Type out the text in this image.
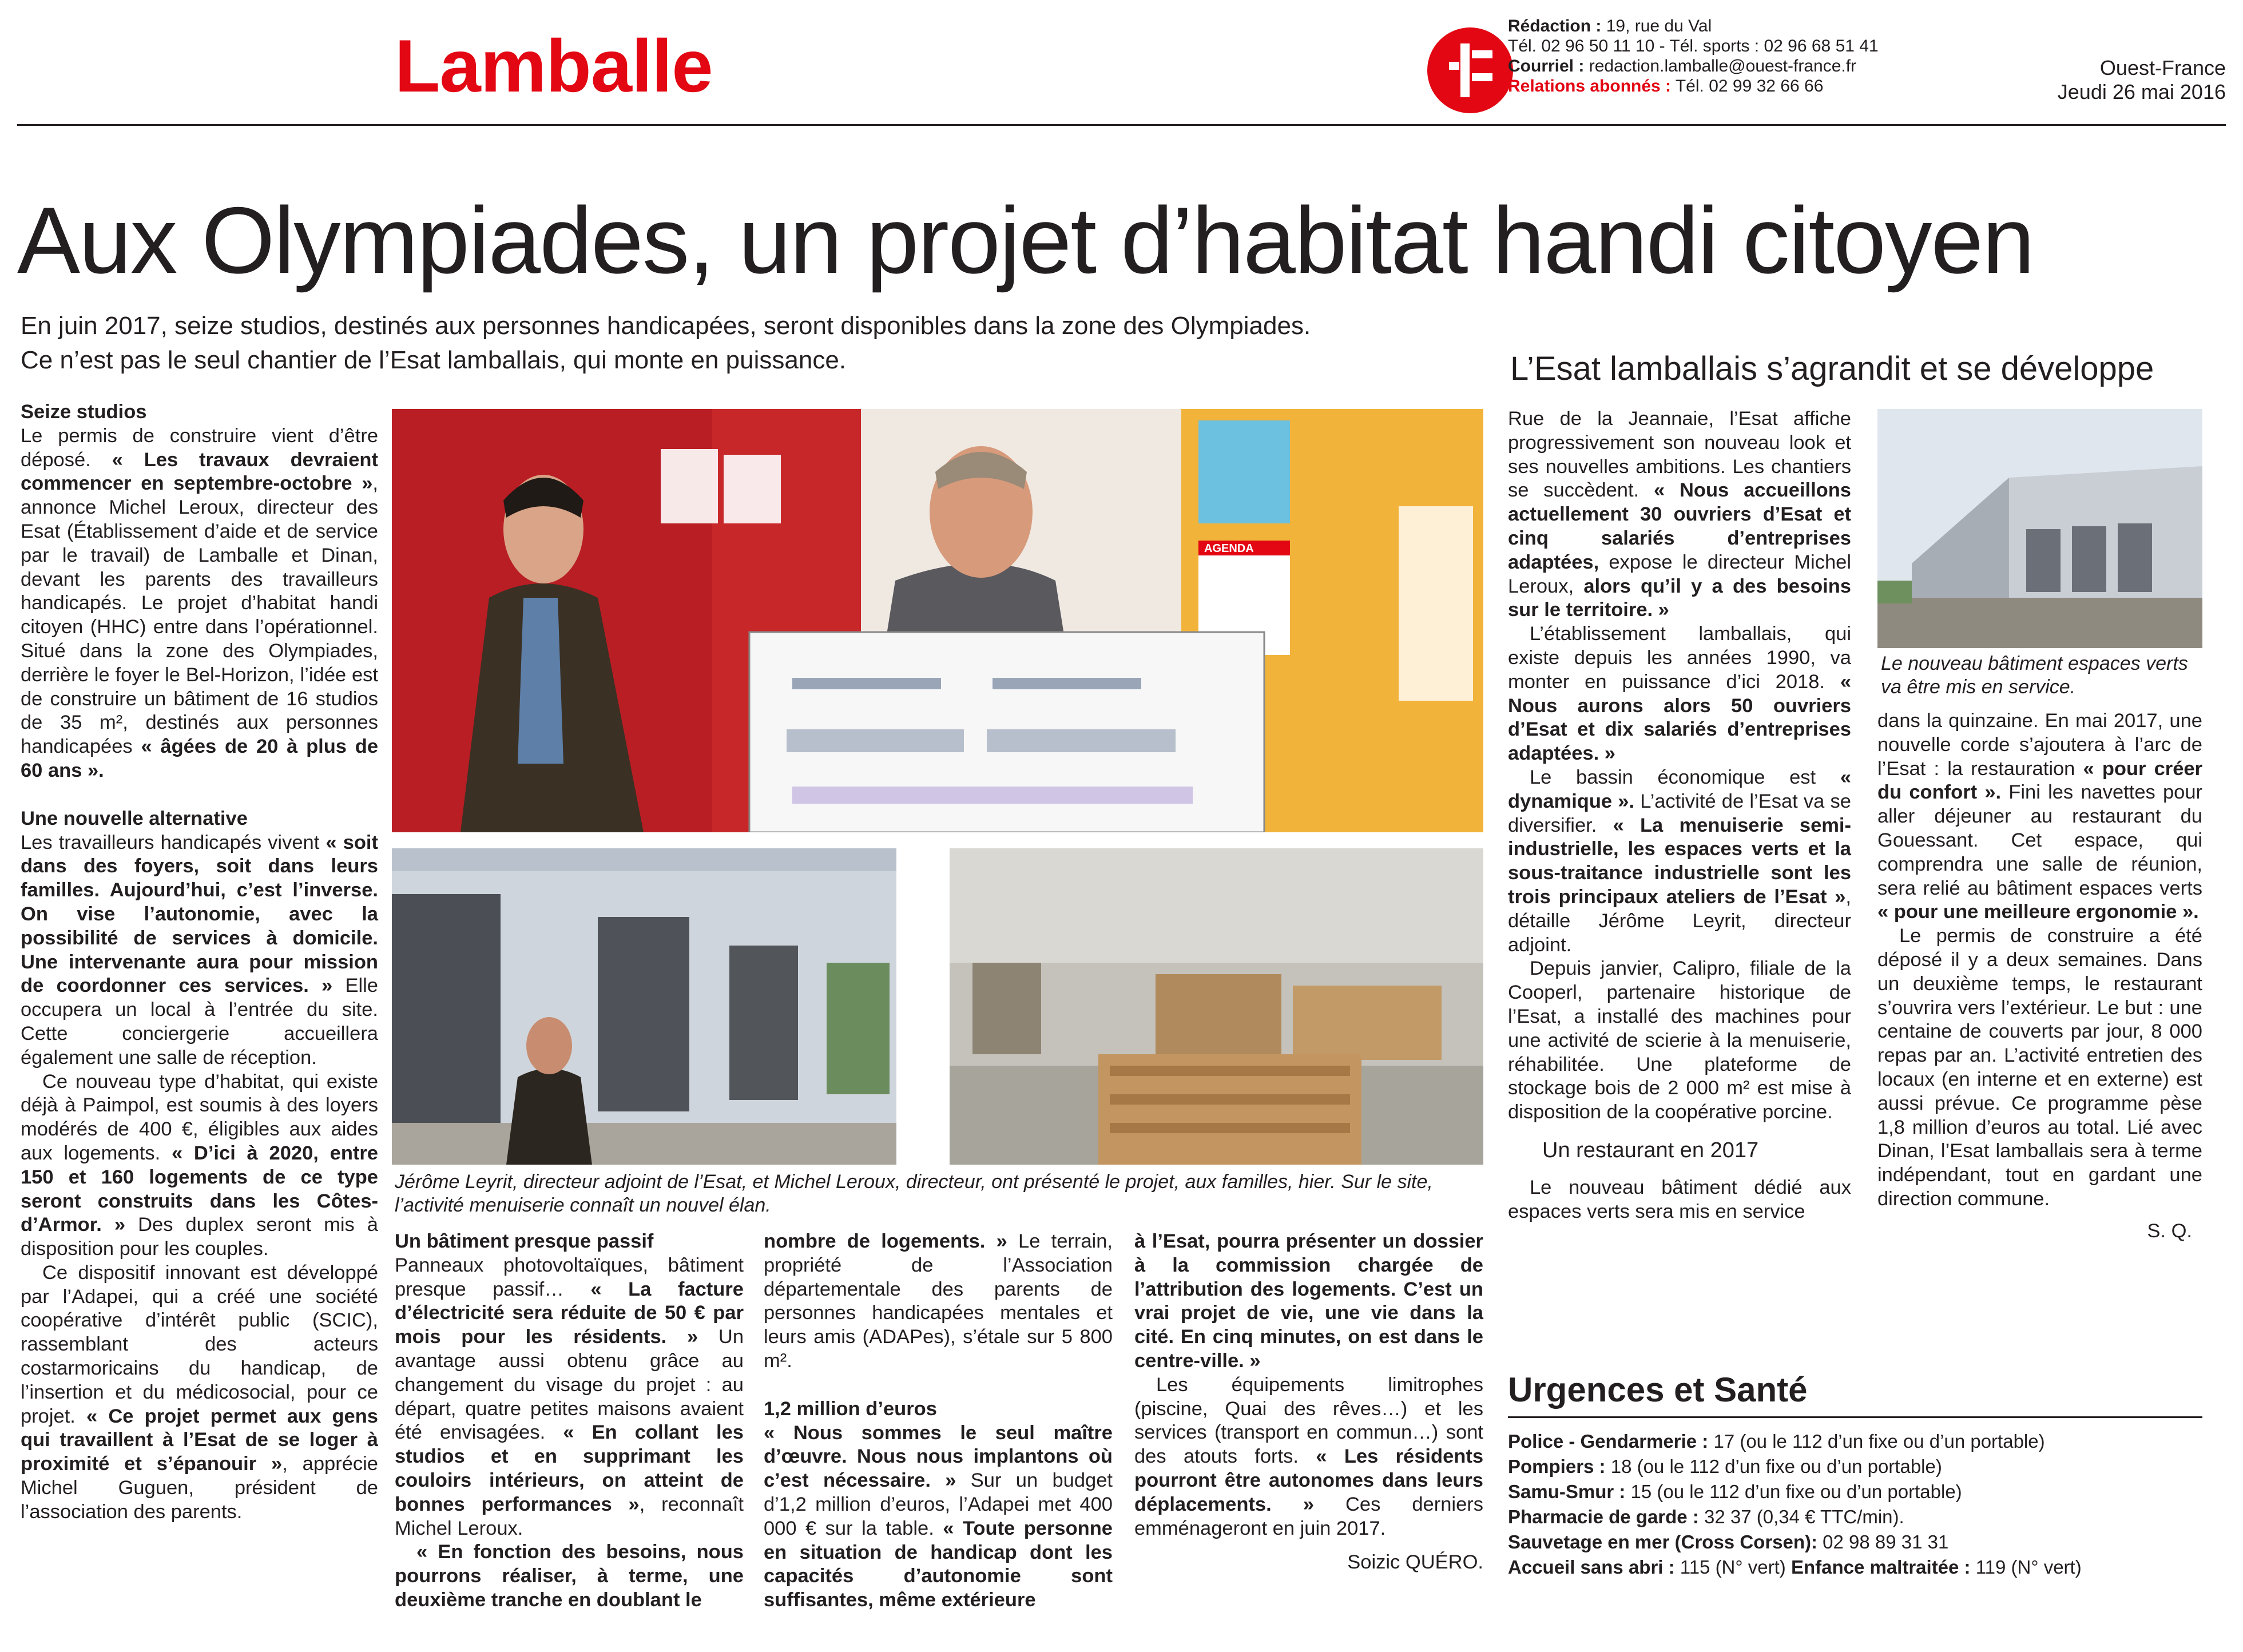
Lamballe	Rédaction : 19, rue du Val
Tél. 02 96 50 11 10 - Tél. sports : 02 96 68 51 41
Courriel : redaction.lamballe@ouest-france.fr
Relations abonnés : Tél. 02 99 32 66 66
Ouest-France
Jeudi 26 mai 2016
Aux Olympiades, un projet d’habitat handi citoyen
En juin 2017, seize studios, destinés aux personnes handicapées, seront disponibles dans la zone des Olympiades. Ce n’est pas le seul chantier de l’Esat lamballais, qui monte en puissance.
Seize studios

Le permis de construire vient d’être déposé. « Les travaux devraient commencer en septembre-octobre », annonce Michel Leroux, directeur des Esat (Établissement d’aide et de service par le travail) de Lamballe et Dinan, devant les parents des travailleurs handicapés. Le projet d’habitat handi citoyen (HHC) entre dans l’opérationnel. Situé dans la zone des Olympiades, derrière le foyer le Bel-Horizon, l’idée est de construire un bâtiment de 16 studios de 35 m², destinés aux personnes handicapées « âgées de 20 à plus de 60 ans ».

Une nouvelle alternative

Les travailleurs handicapés vivent « soit dans des foyers, soit dans leurs familles. Aujourd’hui, c’est l’inverse. On vise l’autonomie, avec la possibilité de services à domicile. Une intervenante aura pour mission de coordonner ces services. » Elle occupera un local à l’entrée du site. Cette conciergerie accueillera également une salle de réception.

Ce nouveau type d’habitat, qui existe déjà à Paimpol, est soumis à des loyers modérés de 400 €, éligibles aux aides aux logements. « D’ici à 2020, entre 150 et 160 logements de ce type seront construits dans les Côtes-d’Armor. » Des duplex seront mis à disposition pour les couples.

Ce dispositif innovant est développé par l’Adapei, qui a créé une société coopérative d’intérêt public (SCIC), rassemblant des acteurs costarmoricains du handicap, de l’insertion et du médicosocial, pour ce projet. « Ce projet permet aux gens qui travaillent à l’Esat de se loger à proximité et s’épanouir », apprécie Michel Guguen, président de l’association des parents.

AGENDA
Jérôme Leyrit, directeur adjoint de l’Esat, et Michel Leroux, directeur, ont présenté le projet, aux familles, hier. Sur le site, l’activité menuiserie connaît un nouvel élan.
Un bâtiment presque passif

Panneaux photovoltaïques, bâtiment presque passif… « La facture d’électricité sera réduite de 50 € par mois pour les résidents. » Un avantage aussi obtenu grâce au changement du visage du projet : au départ, quatre petites maisons avaient été envisagées. « En collant les studios et en supprimant les couloirs intérieurs, on atteint de bonnes performances », reconnaît Michel Leroux.

« En fonction des besoins, nous pourrons réaliser, à terme, une deuxième tranche en doublant le

nombre de logements. » Le terrain, propriété de l’Association départementale des parents de personnes handicapées mentales et leurs amis (ADAPes), s’étale sur 5 800 m².

1,2 million d’euros

« Nous sommes le seul maître d’œuvre. Nous nous implantons où c’est nécessaire. » Sur un budget d’1,2 million d’euros, l’Adapei met 400 000 € sur la table. « Toute personne en situation de handicap dont les capacités d’autonomie sont suffisantes, même extérieure

à l’Esat, pourra présenter un dossier à la commission chargée de l’attribution des logements. C’est un vrai projet de vie, une vie dans la cité. En cinq minutes, on est dans le centre-ville. »

Les équipements limitrophes (piscine, Quai des rêves…) et les services (transport en commun…) sont des atouts forts. « Les résidents pourront être autonomes dans leurs déplacements. » Ces derniers emménageront en juin 2017.

Soizic QUÉRO.
L’Esat lamballais s’agrandit et se développe

Rue de la Jeannaie, l’Esat affiche progressivement son nouveau look et ses nouvelles ambitions. Les chantiers se succèdent. « Nous accueillons actuellement 30 ouvriers d’Esat et cinq salariés d’entreprises adaptées, expose le directeur Michel Leroux, alors qu’il y a des besoins sur le territoire. »

L’établissement lamballais, qui existe depuis les années 1990, va monter en puissance d’ici 2018. « Nous aurons alors 50 ouvriers d’Esat et dix salariés d’entreprises adaptées. »

Le bassin économique est « dynamique ». L’activité de l’Esat va se diversifier. « La menuiserie semi-industrielle, les espaces verts et la sous-traitance industrielle sont les trois principaux ateliers de l’Esat », détaille Jérôme Leyrit, directeur adjoint.

Depuis janvier, Calipro, filiale de la Cooperl, partenaire historique de l’Esat, a installé des machines pour une activité de scierie à la menuiserie, réhabilitée. Une plateforme de stockage bois de 2 000 m² est mise à disposition de la coopérative porcine.

Un restaurant en 2017

Le nouveau bâtiment dédié aux espaces verts sera mis en service

Le nouveau bâtiment espaces verts va être mis en service.

dans la quinzaine. En mai 2017, une nouvelle corde s’ajoutera à l’arc de l’Esat : la restauration « pour créer du confort ». Fini les navettes pour aller déjeuner au restaurant du Gouessant. Cet espace, qui comprendra une salle de réunion, sera relié au bâtiment espaces verts « pour une meilleure ergonomie ».

Le permis de construire a été déposé il y a deux semaines. Dans un deuxième temps, le restaurant s’ouvrira vers l’extérieur. Le but : une centaine de couverts par jour, 8 000 repas par an. L’activité entretien des locaux (en interne et en externe) est aussi prévue. Ce programme pèse 1,8 million d’euros au total. Lié avec Dinan, l’Esat lamballais sera à terme indépendant, tout en gardant une direction commune.

S. Q.
Urgences et Santé
Police - Gendarmerie : 17 (ou le 112 d’un fixe ou d’un portable)
Pompiers : 18 (ou le 112 d’un fixe ou d’un portable)
Samu-Smur : 15 (ou le 112 d’un fixe ou d’un portable)
Pharmacie de garde : 32 37 (0,34 € TTC/min).
Sauvetage en mer (Cross Corsen): 02 98 89 31 31
Accueil sans abri : 115 (N° vert) Enfance maltraitée : 119 (N° vert)
